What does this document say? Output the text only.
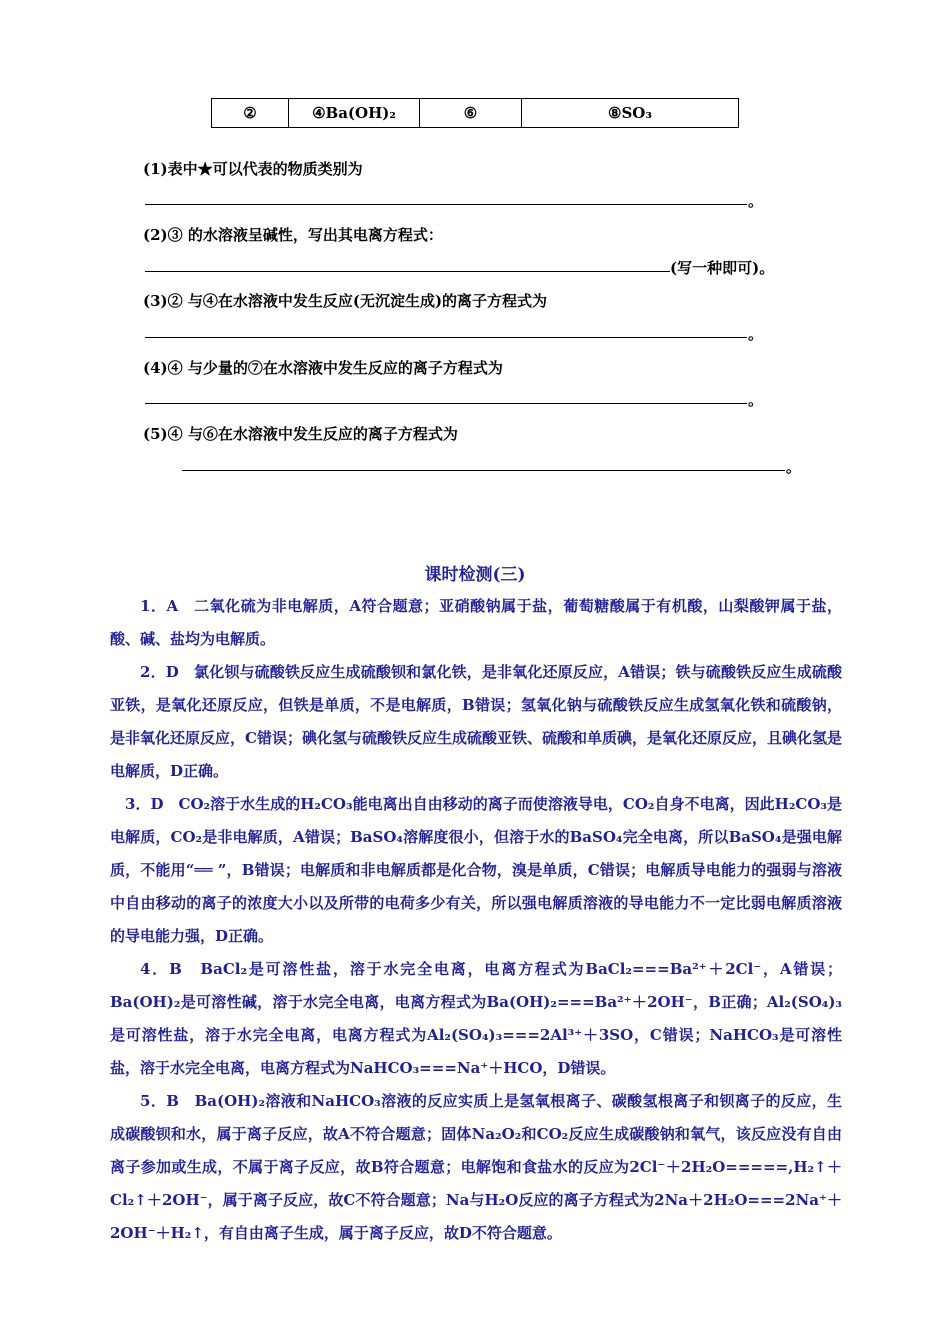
②	④Ba(OH)₂	⑥	⑧SO₃
(1)表中★可以代表的物质类别为
。
(2)③ 的水溶液呈碱性，写出其电离方程式：
(写一种即可)。
(3)② 与④在水溶液中发生反应(无沉淀生成)的离子方程式为
。
(4)④ 与少量的⑦在水溶液中发生反应的离子方程式为
。
(5)④ 与⑥在水溶液中发生反应的离子方程式为
。
课时检测(三)

1．A　二氧化硫为非电解质，A符合题意；亚硝酸钠属于盐，葡萄糖酸属于有机酸，山梨酸钾属于盐，酸、碱、盐均为电解质。

2．D　氯化钡与硫酸铁反应生成硫酸钡和氯化铁，是非氧化还原反应，A错误；铁与硫酸铁反应生成硫酸亚铁，是氧化还原反应，但铁是单质，不是电解质，B错误；氢氧化钠与硫酸铁反应生成氢氧化铁和硫酸钠，是非氧化还原反应，C错误；碘化氢与硫酸铁反应生成硫酸亚铁、硫酸和单质碘，是氧化还原反应，且碘化氢是电解质，D正确。

3．D　CO₂溶于水生成的H₂CO₃能电离出自由移动的离子而使溶液导电，CO₂自身不电离，因此H₂CO₃是电解质，CO₂是非电解质，A错误；BaSO₄溶解度很小，但溶于水的BaSO₄完全电离，所以BaSO₄是强电解质，不能用“══ ”，B错误；电解质和非电解质都是化合物，溴是单质，C错误；电解质导电能力的强弱与溶液中自由移动的离子的浓度大小以及所带的电荷多少有关，所以强电解质溶液的导电能力不一定比弱电解质溶液的导电能力强，D正确。

4．B　BaCl₂是可溶性盐，溶于水完全电离，电离方程式为BaCl₂===Ba²⁺＋2Cl⁻，A错误；Ba(OH)₂是可溶性碱，溶于水完全电离，电离方程式为Ba(OH)₂===Ba²⁺＋2OH⁻，B正确；Al₂(SO₄)₃是可溶性盐，溶于水完全电离，电离方程式为Al₂(SO₄)₃===2Al³⁺＋3SO，C错误；NaHCO₃是可溶性盐，溶于水完全电离，电离方程式为NaHCO₃===Na⁺＋HCO，D错误。

5．B　Ba(OH)₂溶液和NaHCO₃溶液的反应实质上是氢氧根离子、碳酸氢根离子和钡离子的反应，生成碳酸钡和水，属于离子反应，故A不符合题意；固体Na₂O₂和CO₂反应生成碳酸钠和氧气，该反应没有自由离子参加或生成，不属于离子反应，故B符合题意；电解饱和食盐水的反应为2Cl⁻＋2H₂O=====,H₂↑＋Cl₂↑＋2OH⁻，属于离子反应，故C不符合题意；Na与H₂O反应的离子方程式为2Na＋2H₂O===2Na⁺＋2OH⁻＋H₂↑，有自由离子生成，属于离子反应，故D不符合题意。
